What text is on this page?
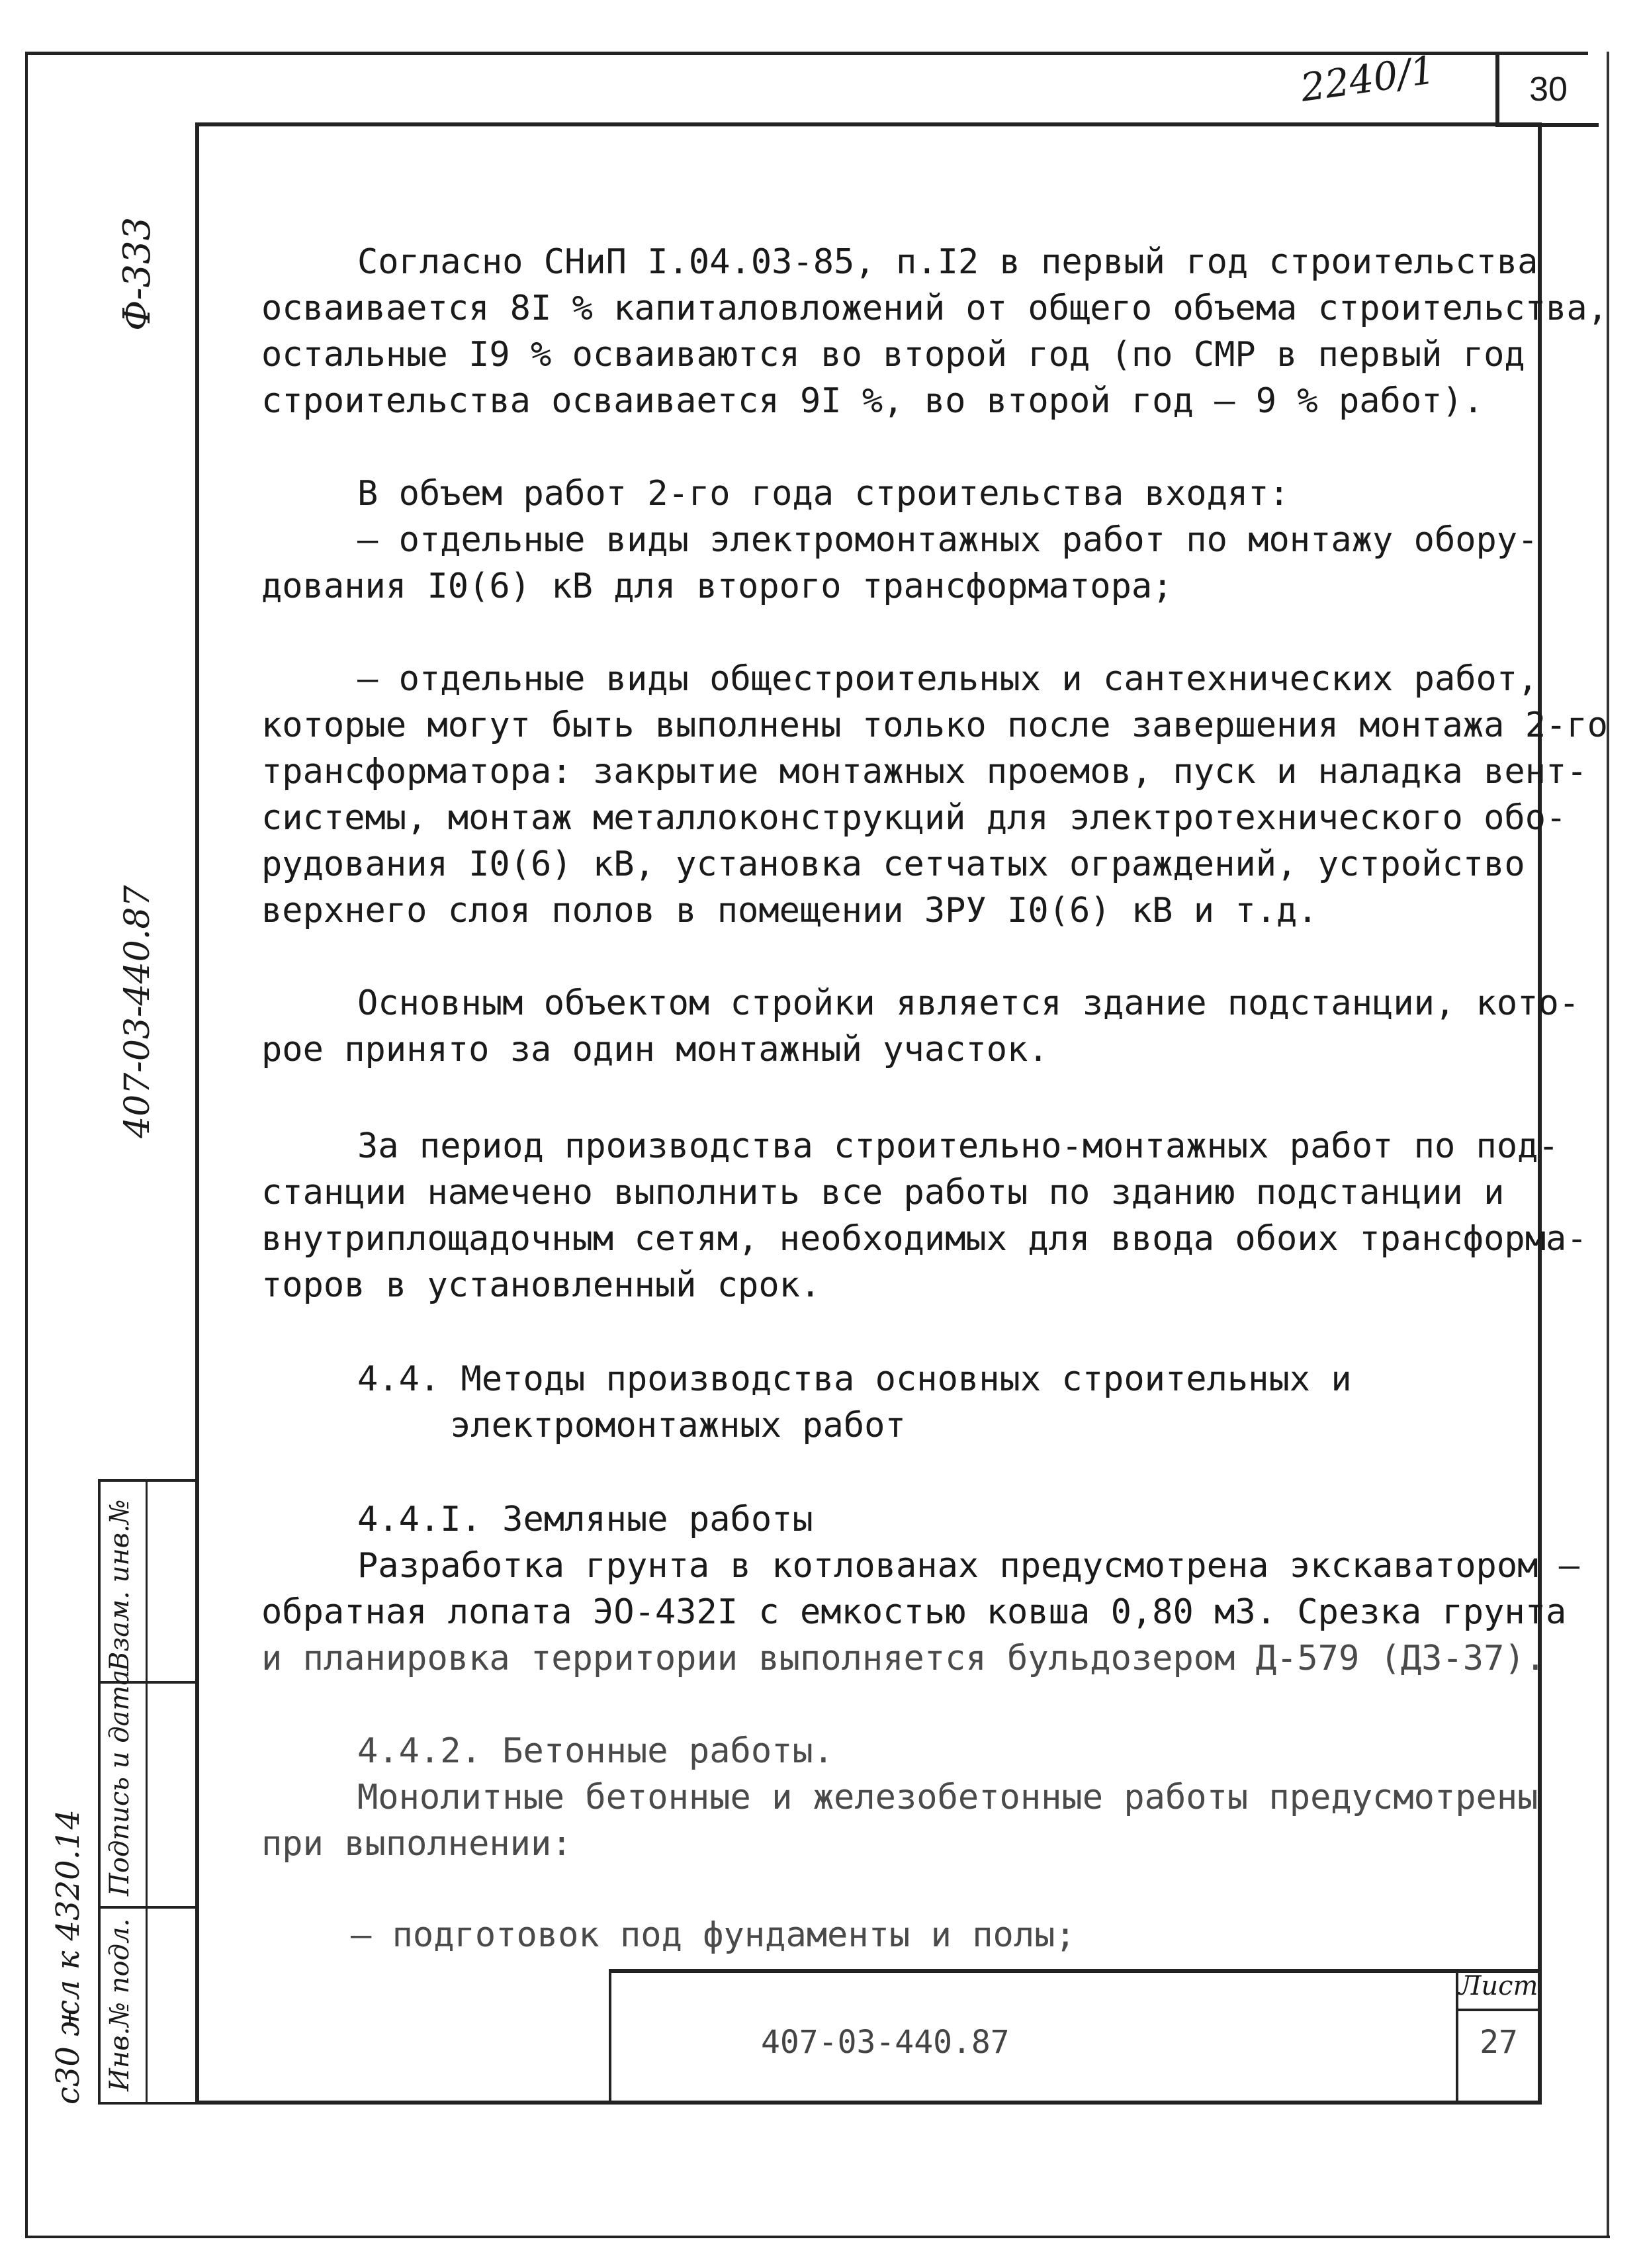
30
2240/1
Ф-333
407-03-440.87
с30 жл к 4320.14 Инв.№ подл.
Подпись и дата
Взам. инв.№
Согласно СНиП I.04.03-85, п.I2 в первый год строительства
осваивается 8I % капиталовложений от общего объема строительства,
остальные I9 % осваиваются во второй год (по СМР в первый год
строительства осваивается 9I %, во второй год – 9 % работ).
В объем работ 2-го года строительства входят:
– отдельные виды электромонтажных работ по монтажу обору-
дования I0(6) кВ для второго трансформатора;
– отдельные виды общестроительных и сантехнических работ,
которые могут быть выполнены только после завершения монтажа 2-го
трансформатора: закрытие монтажных проемов, пуск и наладка вент-
системы, монтаж металлоконструкций для электротехнического обо-
рудования I0(6) кВ, установка сетчатых ограждений, устройство
верхнего слоя полов в помещении ЗРУ I0(6) кВ и т.д.
Основным объектом стройки является здание подстанции, кото-
рое принято за один монтажный участок.
За период производства строительно-монтажных работ по под-
станции намечено выполнить все работы по зданию подстанции и
внутриплощадочным сетям, необходимых для ввода обоих трансформа-
торов в установленный срок.
4.4. Методы производства основных строительных и
электромонтажных работ
4.4.I. Земляные работы
Разработка грунта в котлованах предусмотрена экскаватором –
обратная лопата ЭО-432I с емкостью ковша 0,80 м3. Срезка грунта
и планировка территории выполняется бульдозером Д-579 (ДЗ-37).
4.4.2. Бетонные работы.
Монолитные бетонные и железобетонные работы предусмотрены
при выполнении:
– подготовок под фундаменты и полы;
407-03-440.87
Лист
27
